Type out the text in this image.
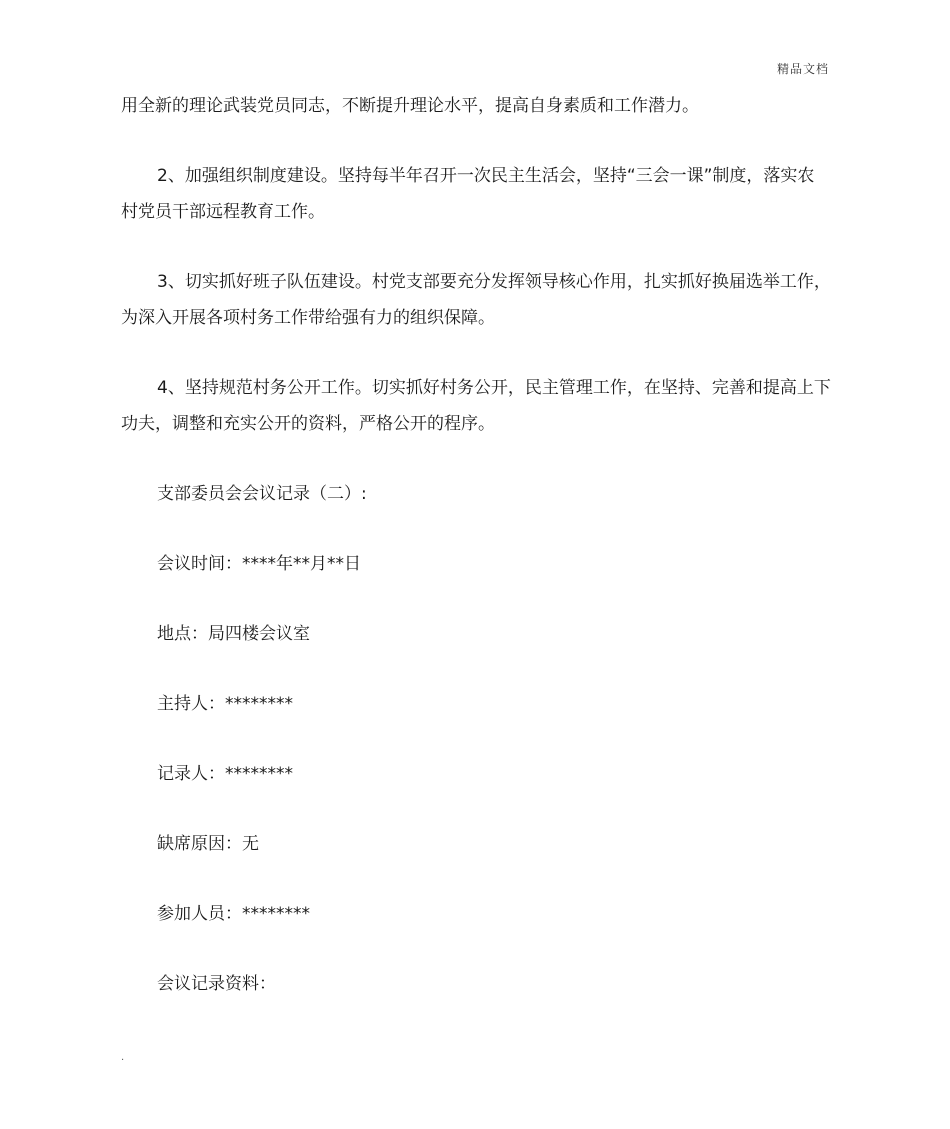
精品文档

用全新的理论武装党员同志，不断提升理论水平，提高自身素质和工作潜力。

2、加强组织制度建设。坚持每半年召开一次民主生活会，坚持“三会一课”制度，落实农村党员干部远程教育工作。

3、切实抓好班子队伍建设。村党支部要充分发挥领导核心作用，扎实抓好换届选举工作，为深入开展各项村务工作带给强有力的组织保障。

4、坚持规范村务公开工作。切实抓好村务公开，民主管理工作，在坚持、完善和提高上下功夫，调整和充实公开的资料，严格公开的程序。

支部委员会会议记录（二）:
会议时间：****年**月**日
地点：局四楼会议室
主持人：********
记录人：********
缺席原因：无
参加人员：********
会议记录资料：
.
